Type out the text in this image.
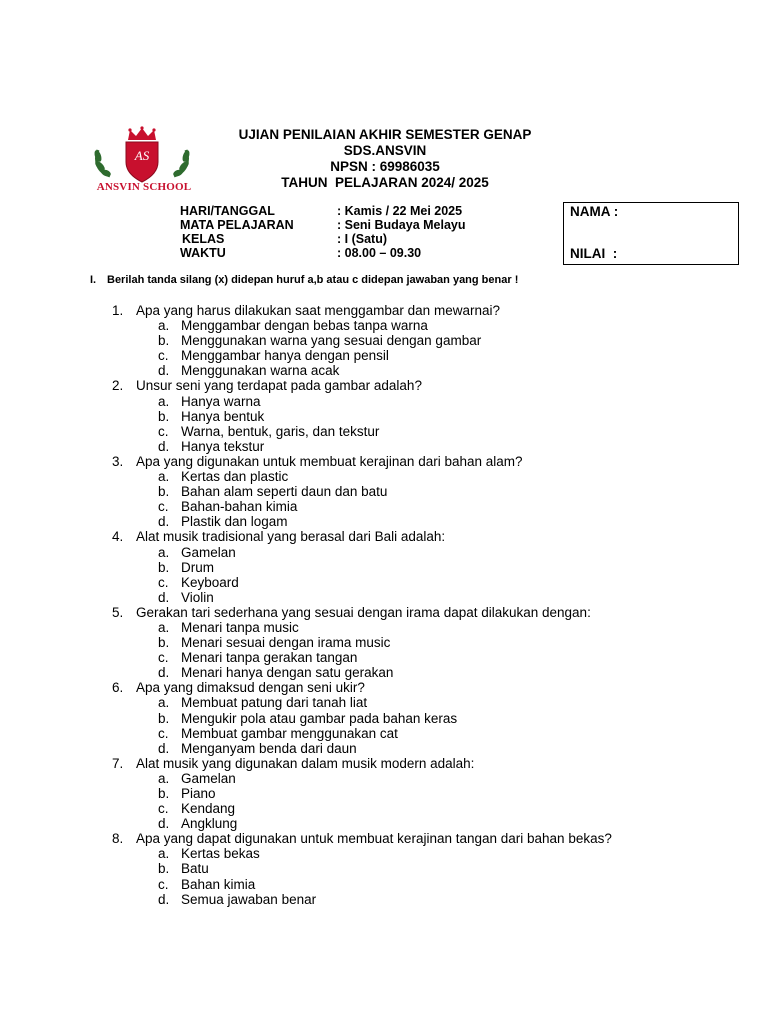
AS
ANSVIN SCHOOL
UJIAN PENILAIAN AKHIR SEMESTER GENAP
SDS.ANSVIN
NPSN : 69986035
TAHUN  PELAJARAN 2024/ 2025
HARI/TANGGAL	: Kamis / 22 Mei 2025
MATA PELAJARAN	: Seni Budaya Melayu
KELAS	: I (Satu)
WAKTU	: 08.00 – 09.30
NAMA :
NILAI  :
I. Berilah tanda silang (x) didepan huruf a,b atau c didepan jawaban yang benar !
1. Apa yang harus dilakukan saat menggambar dan mewarnai?
a. Menggambar dengan bebas tanpa warna
b. Menggunakan warna yang sesuai dengan gambar
c. Menggambar hanya dengan pensil
d. Menggunakan warna acak
2. Unsur seni yang terdapat pada gambar adalah?
a. Hanya warna
b. Hanya bentuk
c. Warna, bentuk, garis, dan tekstur
d. Hanya tekstur
3. Apa yang digunakan untuk membuat kerajinan dari bahan alam?
a. Kertas dan plastic
b. Bahan alam seperti daun dan batu
c. Bahan-bahan kimia
d. Plastik dan logam
4. Alat musik tradisional yang berasal dari Bali adalah:
a. Gamelan
b. Drum
c. Keyboard
d. Violin
5. Gerakan tari sederhana yang sesuai dengan irama dapat dilakukan dengan:
a. Menari tanpa music
b. Menari sesuai dengan irama music
c. Menari tanpa gerakan tangan
d. Menari hanya dengan satu gerakan
6. Apa yang dimaksud dengan seni ukir?
a. Membuat patung dari tanah liat
b. Mengukir pola atau gambar pada bahan keras
c. Membuat gambar menggunakan cat
d. Menganyam benda dari daun
7. Alat musik yang digunakan dalam musik modern adalah:
a. Gamelan
b. Piano
c. Kendang
d. Angklung
8. Apa yang dapat digunakan untuk membuat kerajinan tangan dari bahan bekas?
a. Kertas bekas
b. Batu
c. Bahan kimia
d. Semua jawaban benar
